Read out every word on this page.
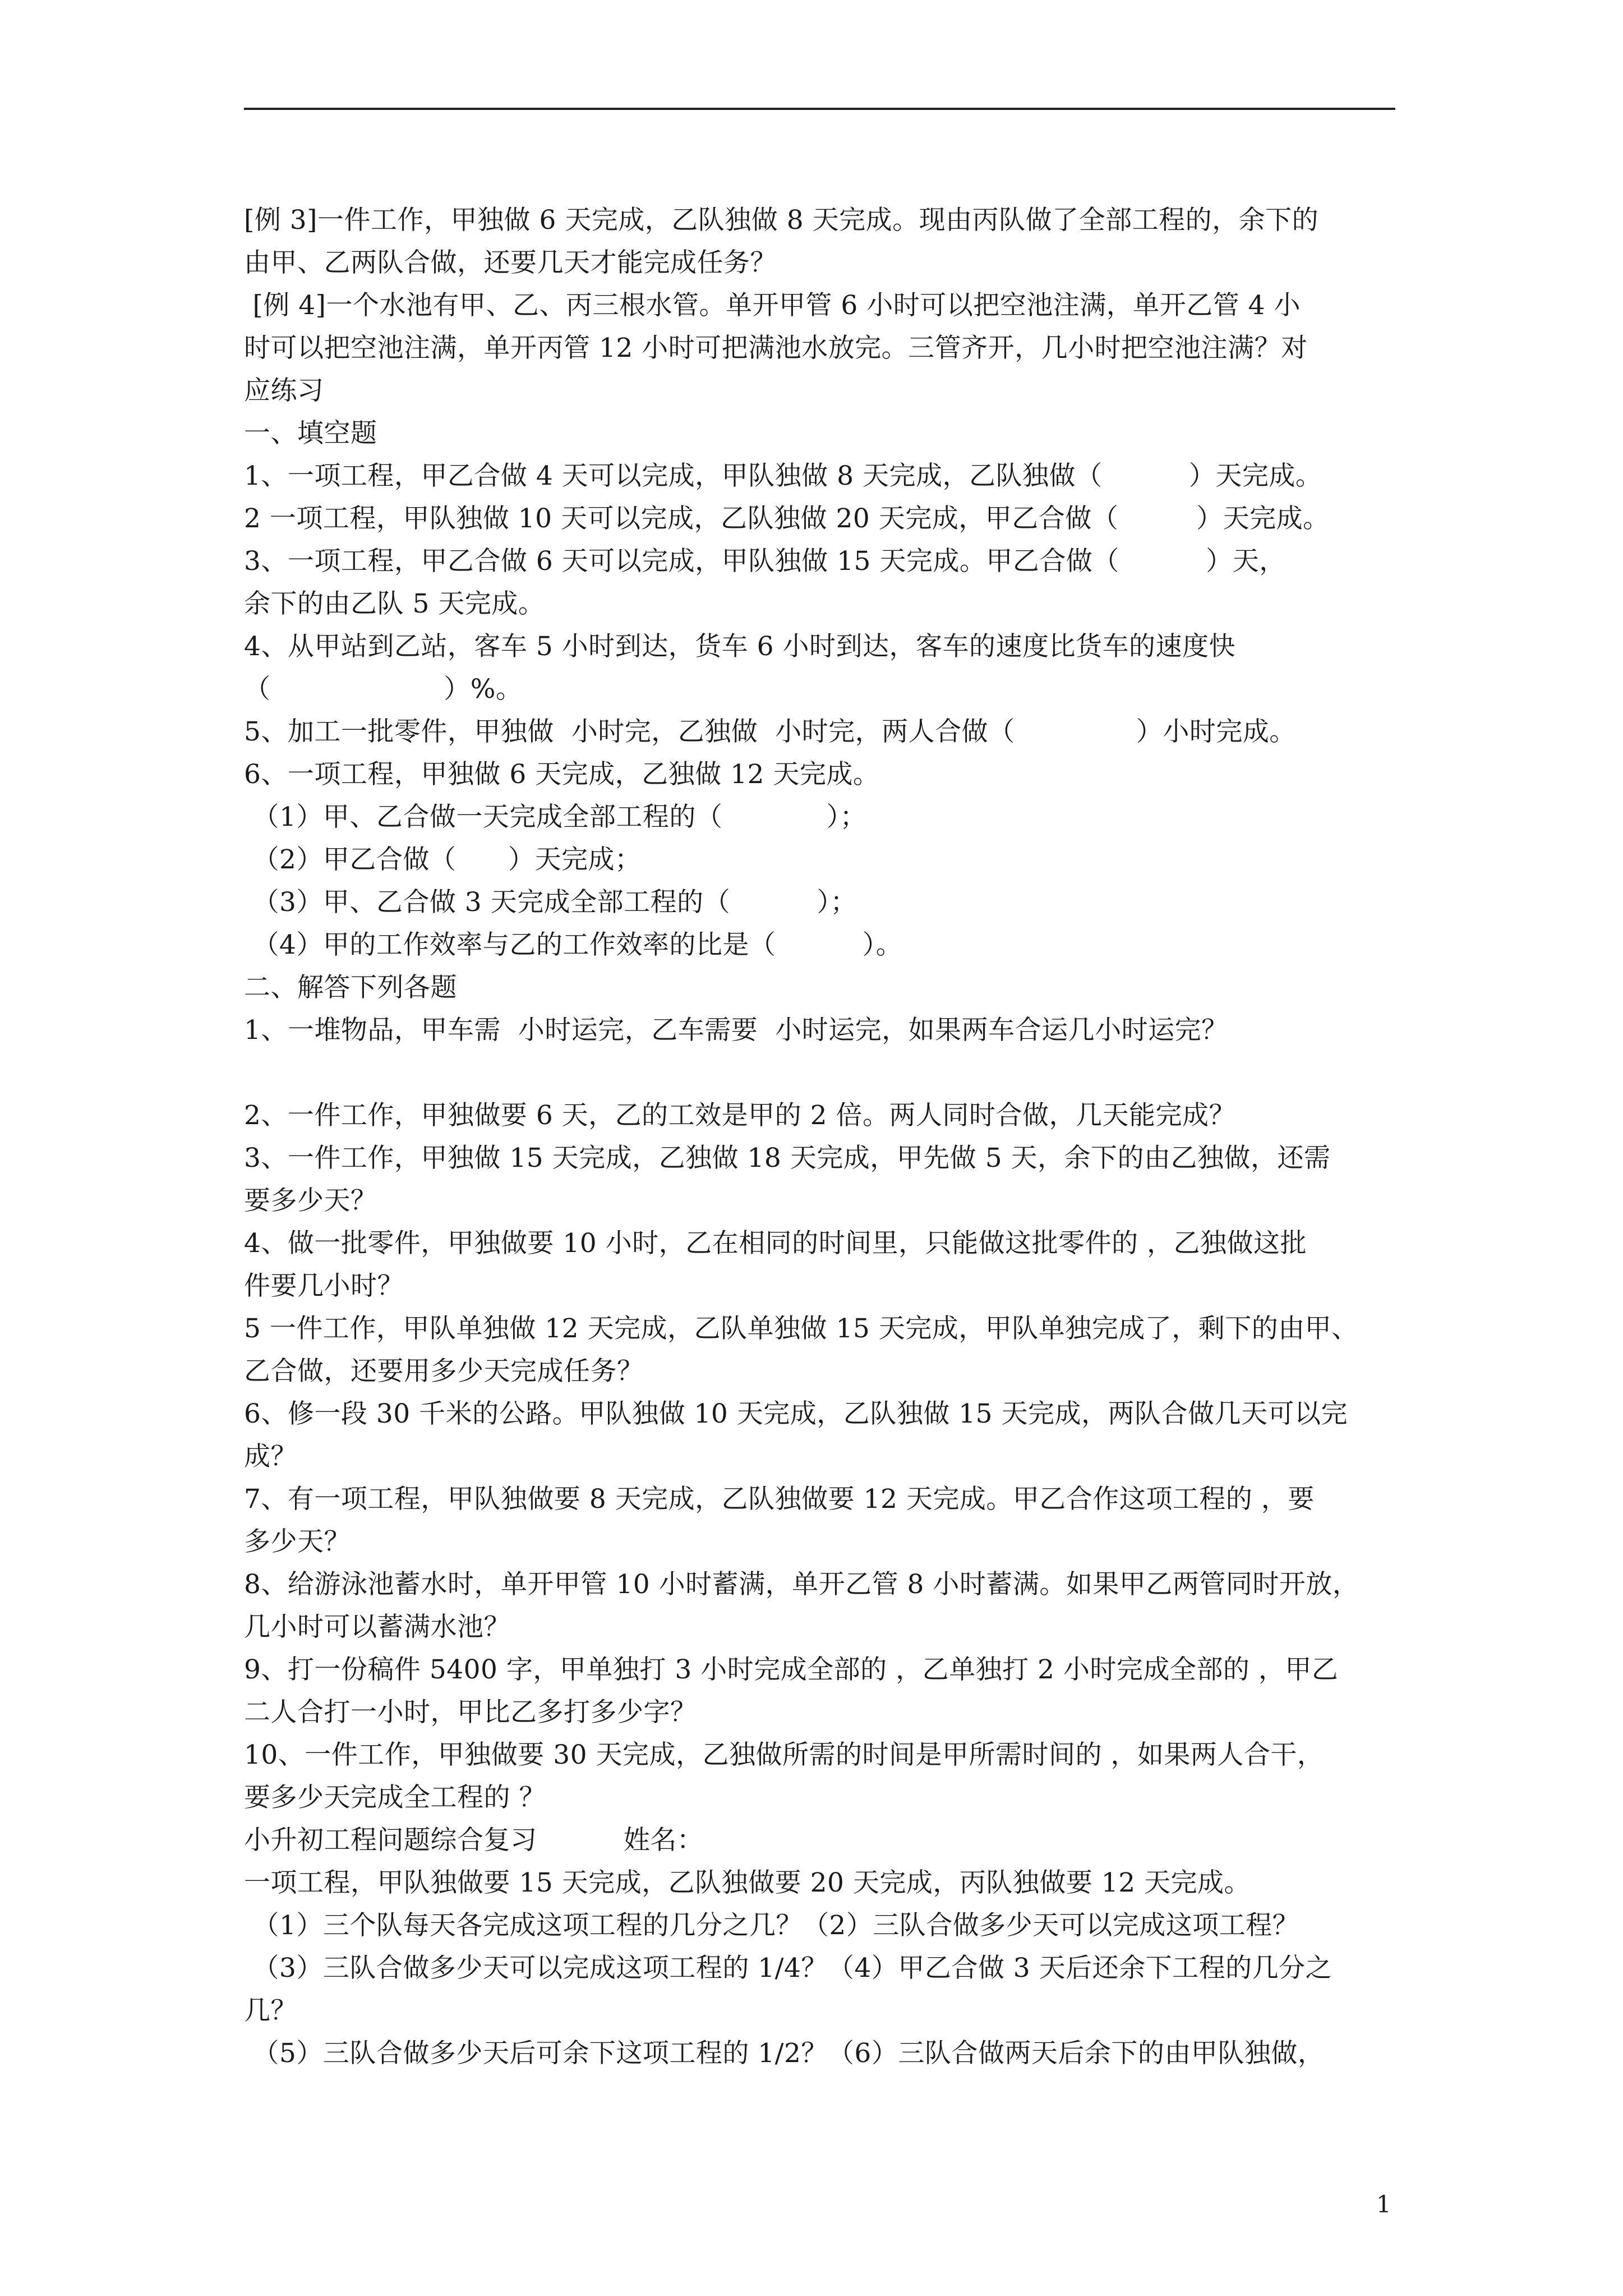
[例 3]一件工作，甲独做 6 天完成，乙队独做 8 天完成。现由丙队做了全部工程的，余下的
由甲、乙两队合做，还要几天才能完成任务？
[例 4]一个水池有甲、乙、丙三根水管。单开甲管 6 小时可以把空池注满，单开乙管 4 小
时可以把空池注满，单开丙管 12 小时可把满池水放完。三管齐开，几小时把空池注满？对
应练习
一、填空题
1、一项工程，甲乙合做 4 天可以完成，甲队独做 8 天完成，乙队独做（          ）天完成。
2 一项工程，甲队独做 10 天可以完成，乙队独做 20 天完成，甲乙合做（         ）天完成。
3、一项工程，甲乙合做 6 天可以完成，甲队独做 15 天完成。甲乙合做（          ）天，
余下的由乙队 5 天完成。
4、从甲站到乙站，客车 5 小时到达，货车 6 小时到达，客车的速度比货车的速度快
（                    ）%。
5、加工一批零件，甲独做  小时完，乙独做  小时完，两人合做（              ）小时完成。
6、一项工程，甲独做 6 天完成，乙独做 12 天完成。
（1）甲、乙合做一天完成全部工程的（            ）；
（2）甲乙合做（      ）天完成；
（3）甲、乙合做 3 天完成全部工程的（          ）；
（4）甲的工作效率与乙的工作效率的比是（          ）。
二、解答下列各题
1、一堆物品，甲车需  小时运完，乙车需要  小时运完，如果两车合运几小时运完？
2、一件工作，甲独做要 6 天，乙的工效是甲的 2 倍。两人同时合做，几天能完成？
3、一件工作，甲独做 15 天完成，乙独做 18 天完成，甲先做 5 天，余下的由乙独做，还需
要多少天？
4、做一批零件，甲独做要 10 小时，乙在相同的时间里，只能做这批零件的 ，乙独做这批
件要几小时？
5 一件工作，甲队单独做 12 天完成，乙队单独做 15 天完成，甲队单独完成了，剩下的由甲、
乙合做，还要用多少天完成任务？
6、修一段 30 千米的公路。甲队独做 10 天完成，乙队独做 15 天完成，两队合做几天可以完
成？
7、有一项工程，甲队独做要 8 天完成，乙队独做要 12 天完成。甲乙合作这项工程的 ，要
多少天？
8、给游泳池蓄水时，单开甲管 10 小时蓄满，单开乙管 8 小时蓄满。如果甲乙两管同时开放，
几小时可以蓄满水池？
9、打一份稿件 5400 字，甲单独打 3 小时完成全部的 ，乙单独打 2 小时完成全部的 ，甲乙
二人合打一小时，甲比乙多打多少字？
10、一件工作，甲独做要 30 天完成，乙独做所需的时间是甲所需时间的 ，如果两人合干，
要多少天完成全工程的 ？
小升初工程问题综合复习          姓名：
一项工程，甲队独做要 15 天完成，乙队独做要 20 天完成，丙队独做要 12 天完成。
（1）三个队每天各完成这项工程的几分之几？（2）三队合做多少天可以完成这项工程？
（3）三队合做多少天可以完成这项工程的 1/4？（4）甲乙合做 3 天后还余下工程的几分之
几？
（5）三队合做多少天后可余下这项工程的 1/2？（6）三队合做两天后余下的由甲队独做，
1
